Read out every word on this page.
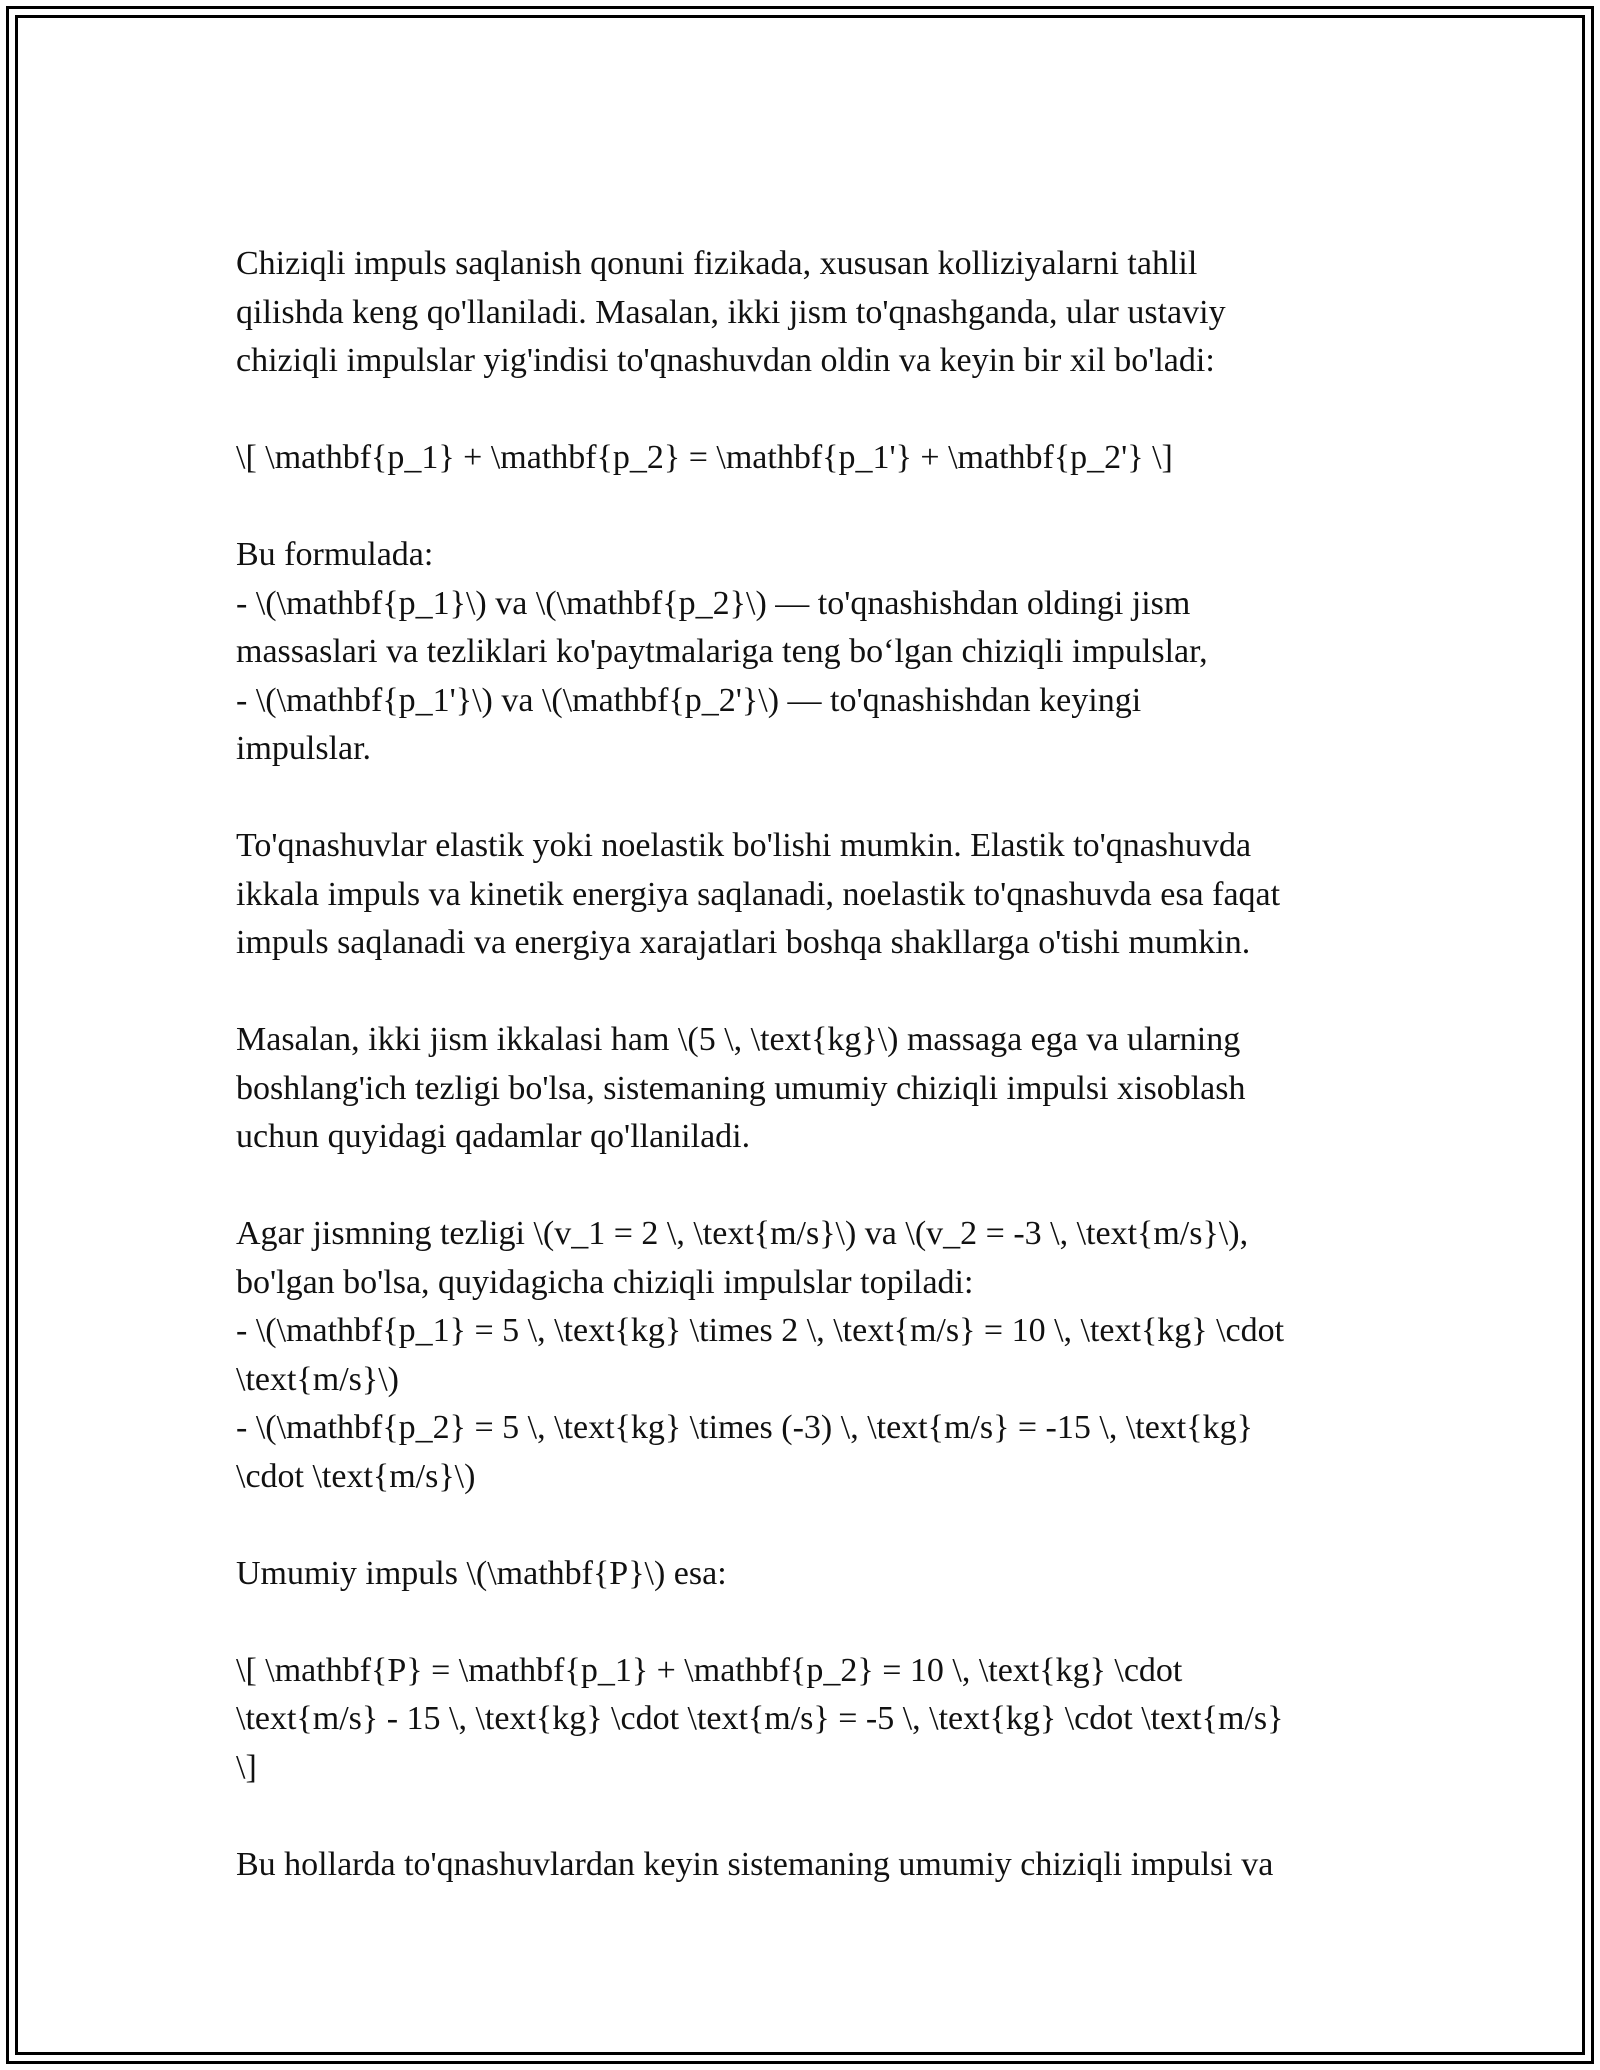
Chiziqli impuls saqlanish qonuni fizikada, xususan kolliziyalarni tahlil
qilishda keng qo'llaniladi. Masalan, ikki jism to'qnashganda, ular ustaviy
chiziqli impulslar yig'indisi to'qnashuvdan oldin va keyin bir xil bo'ladi:

\[ \mathbf{p_1} + \mathbf{p_2} = \mathbf{p_1'} + \mathbf{p_2'} \]

Bu formulada:
- \(\mathbf{p_1}\) va \(\mathbf{p_2}\) — to'qnashishdan oldingi jism
massaslari va tezliklari ko'paytmalariga teng bo‘lgan chiziqli impulslar,
- \(\mathbf{p_1'}\) va \(\mathbf{p_2'}\) — to'qnashishdan keyingi
impulslar.

To'qnashuvlar elastik yoki noelastik bo'lishi mumkin. Elastik to'qnashuvda
ikkala impuls va kinetik energiya saqlanadi, noelastik to'qnashuvda esa faqat
impuls saqlanadi va energiya xarajatlari boshqa shakllarga o'tishi mumkin.

Masalan, ikki jism ikkalasi ham \(5 \, \text{kg}\) massaga ega va ularning
boshlang'ich tezligi bo'lsa, sistemaning umumiy chiziqli impulsi xisoblash
uchun quyidagi qadamlar qo'llaniladi.

Agar jismning tezligi \(v_1 = 2 \, \text{m/s}\) va \(v_2 = -3 \, \text{m/s}\),
bo'lgan bo'lsa, quyidagicha chiziqli impulslar topiladi:
- \(\mathbf{p_1} = 5 \, \text{kg} \times 2 \, \text{m/s} = 10 \, \text{kg} \cdot
\text{m/s}\)
- \(\mathbf{p_2} = 5 \, \text{kg} \times (-3) \, \text{m/s} = -15 \, \text{kg}
\cdot \text{m/s}\)

Umumiy impuls \(\mathbf{P}\) esa:

\[ \mathbf{P} = \mathbf{p_1} + \mathbf{p_2} = 10 \, \text{kg} \cdot
\text{m/s} - 15 \, \text{kg} \cdot \text{m/s} = -5 \, \text{kg} \cdot \text{m/s}
\]

Bu hollarda to'qnashuvlardan keyin sistemaning umumiy chiziqli impulsi va
